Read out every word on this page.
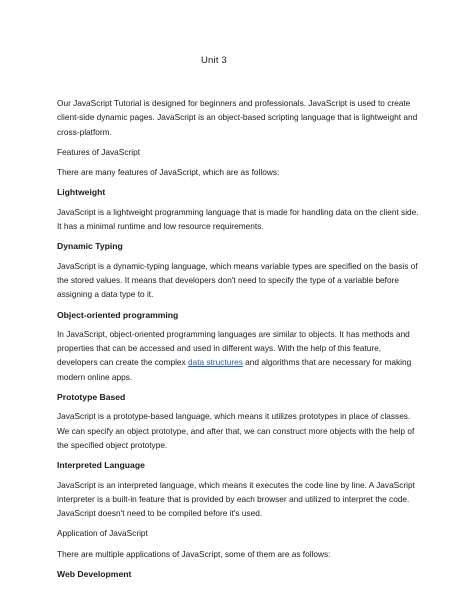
Unit 3

Our JavaScript Tutorial is designed for beginners and professionals. JavaScript is used to create client-side dynamic pages. JavaScript is an object-based scripting language that is lightweight and cross-platform.

Features of JavaScript

There are many features of JavaScript, which are as follows:

Lightweight

JavaScript is a lightweight programming language that is made for handling data on the client side. It has a minimal runtime and low resource requirements.

Dynamic Typing

JavaScript is a dynamic-typing language, which means variable types are specified on the basis of the stored values. It means that developers don't need to specify the type of a variable before assigning a data type to it.

Object-oriented programming

In JavaScript, object-oriented programming languages are similar to objects. It has methods and properties that can be accessed and used in different ways. With the help of this feature, developers can create the complex data structures and algorithms that are necessary for making modern online apps.

Prototype Based

JavaScript is a prototype-based language, which means it utilizes prototypes in place of classes. We can specify an object prototype, and after that, we can construct more objects with the help of the specified object prototype.

Interpreted Language

JavaScript is an interpreted language, which means it executes the code line by line. A JavaScript interpreter is a built-in feature that is provided by each browser and utilized to interpret the code. JavaScript doesn't need to be compiled before it's used.

Application of JavaScript

There are multiple applications of JavaScript, some of them are as follows:

Web Development
